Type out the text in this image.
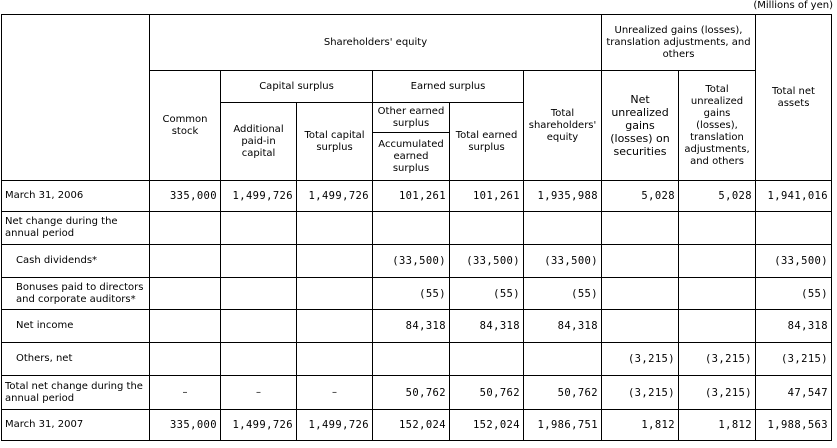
(Millions of yen)
	Shareholders' equity						Unrealized gains (losses), translation adjustments, and others		Total net assets
	Common stock	Capital surplus		Earned surplus		Total shareholders' equity	Net unrealized gains (losses) on securities	Total unrealized gains (losses), translation adjustments, and others	
		Additional paid-in capital	Total capital surplus	Other earned surplus	Total earned surplus				
				Accumulated earned surplus					
March 31, 2006	335,000	1,499,726	1,499,726	101,261	101,261	1,935,988	5,028	5,028	1,941,016
Net change during the annual period									
Cash dividends*				(33,500)	(33,500)	(33,500)			(33,500)
Bonuses paid to directors and corporate auditors*				(55)	(55)	(55)			(55)
Net income				84,318	84,318	84,318			84,318
Others, net							(3,215)	(3,215)	(3,215)
Total net change during the annual period	–	–	–	50,762	50,762	50,762	(3,215)	(3,215)	47,547
March 31, 2007	335,000	1,499,726	1,499,726	152,024	152,024	1,986,751	1,812	1,812	1,988,563
